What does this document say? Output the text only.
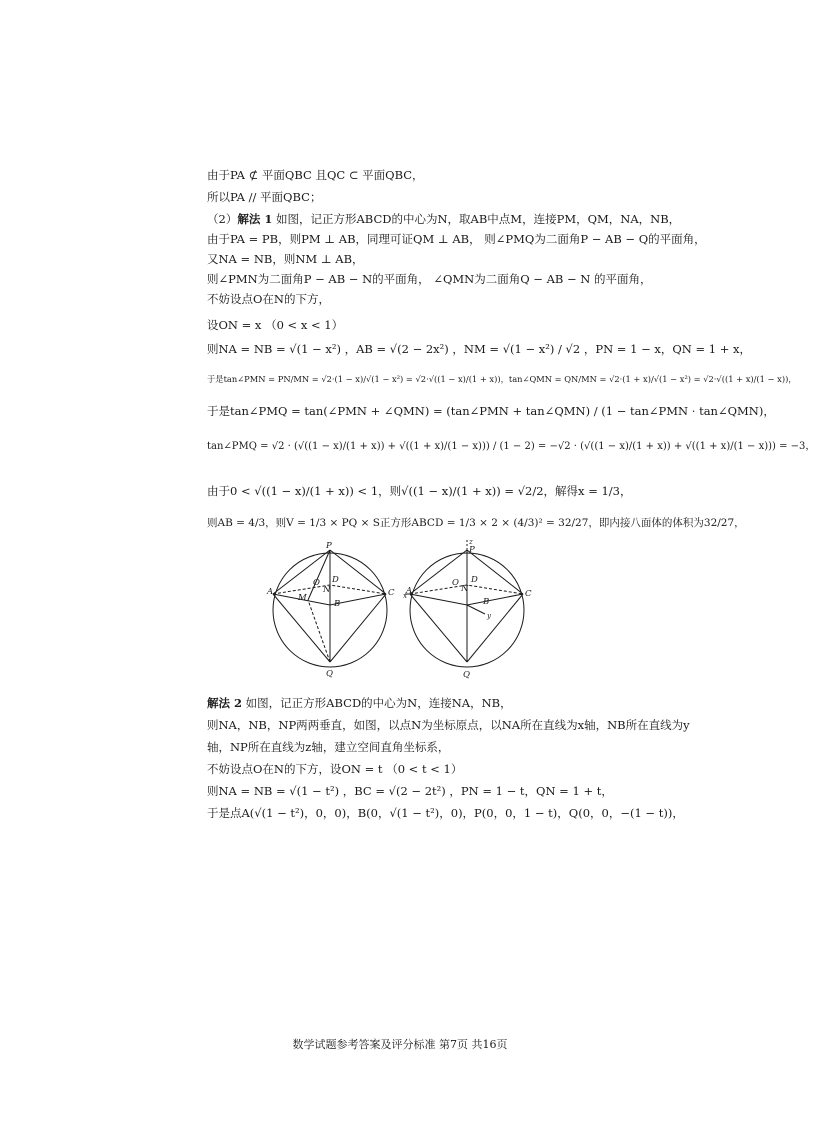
由于PA ⊄ 平面QBC 且QC ⊂ 平面QBC，
所以PA // 平面QBC；
（2）解法 1 如图，记正方形ABCD的中心为N，取AB中点M，连接PM，QM，NA，NB，
由于PA = PB，则PM ⊥ AB，同理可证QM ⊥ AB， 则∠PMQ为二面角P − AB − Q的平面角，
又NA = NB，则NM ⊥ AB，
则∠PMN为二面角P − AB − N的平面角， ∠QMN为二面角Q − AB − N 的平面角，
不妨设点O在N的下方，
设ON = x （0 < x < 1）
则NA = NB = √(1 − x²) ，AB = √(2 − 2x²) ，NM = √(1 − x²) / √2 ，PN = 1 − x，QN = 1 + x，
于是tan∠PMN = PN/MN = √2·(1 − x)/√(1 − x²) = √2·√((1 − x)/(1 + x))，tan∠QMN = QN/MN = √2·(1 + x)/√(1 − x²) = √2·√((1 + x)/(1 − x))，
于是tan∠PMQ = tan(∠PMN + ∠QMN) = (tan∠PMN + tan∠QMN) / (1 − tan∠PMN · tan∠QMN)，
tan∠PMQ = √2 · (√((1 − x)/(1 + x)) + √((1 + x)/(1 − x))) / (1 − 2) = −√2 · (√((1 − x)/(1 + x)) + √((1 + x)/(1 − x))) = −3，
由于0 < √((1 − x)/(1 + x)) < 1，则√((1 − x)/(1 + x)) = √2/2，解得x = 1/3，
则AB = 4/3，则V = 1/3 × PQ × S正方形ABCD = 1/3 × 2 × (4/3)² = 32/27，即内接八面体的体积为32/27，
P
A	C
D
O
N
M
B
Q
z
P
A	C
D
O
N
B
x
y
Q
解法 2 如图，记正方形ABCD的中心为N，连接NA，NB，
则NA，NB，NP两两垂直，如图，以点N为坐标原点，以NA所在直线为x轴，NB所在直线为y
轴，NP所在直线为z轴，建立空间直角坐标系，
不妨设点O在N的下方，设ON = t （0 < t < 1）
则NA = NB = √(1 − t²) ，BC = √(2 − 2t²) ，PN = 1 − t，QN = 1 + t，
于是点A(√(1 − t²)，0，0)，B(0，√(1 − t²)，0)，P(0，0，1 − t)，Q(0，0，−(1 − t))，
数学试题参考答案及评分标准 第7页 共16页
